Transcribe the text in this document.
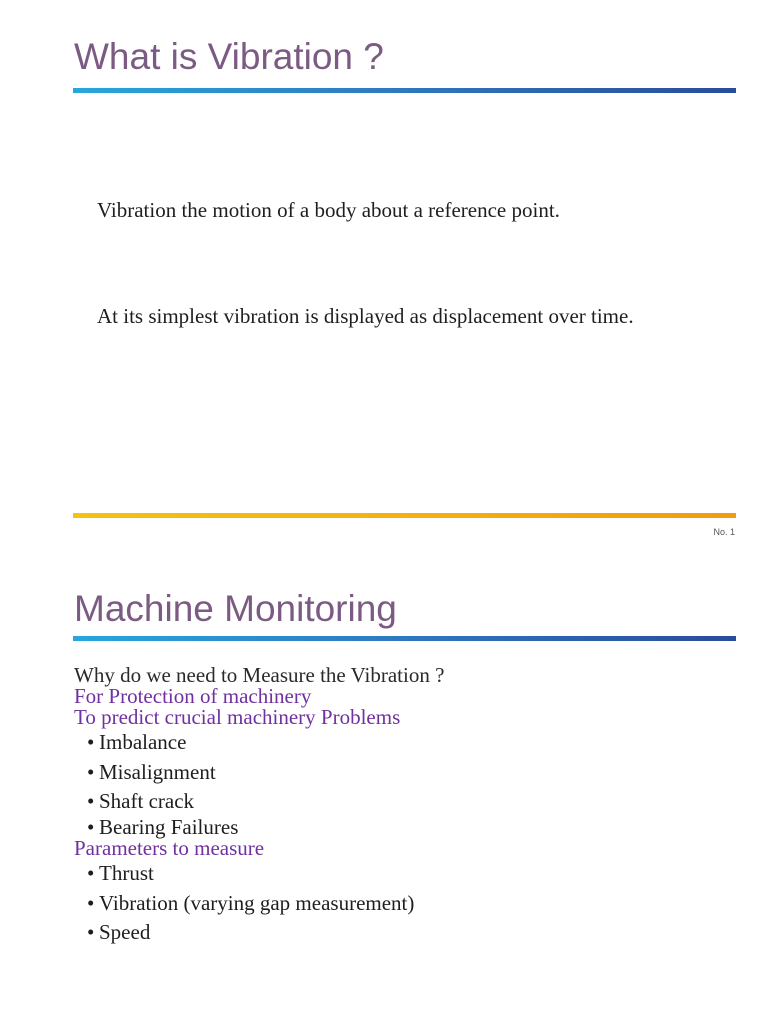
What is Vibration ?

Vibration the motion of a body about a reference point.

At its simplest vibration is displayed as displacement over time.

No. 1
Machine Monitoring

Why do we need to Measure the Vibration ?

For Protection of machinery

To predict crucial machinery Problems

• Imbalance
• Misalignment
• Shaft crack
• Bearing Failures

Parameters to measure

• Thrust
• Vibration (varying gap measurement)
• Speed
